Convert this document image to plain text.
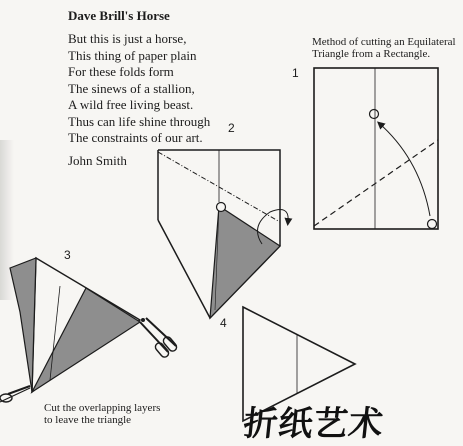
Dave Brill's Horse
But this is just a horse,
This thing of paper plain
For these folds form
The sinews of a stallion,
A wild free living beast.
Thus can life shine through
The constraints of our art.
John Smith
Method of cutting an Equilateral
Triangle from a Rectangle.
1
2
3
4
Cut the overlapping layers
to leave the triangle	折纸艺术
